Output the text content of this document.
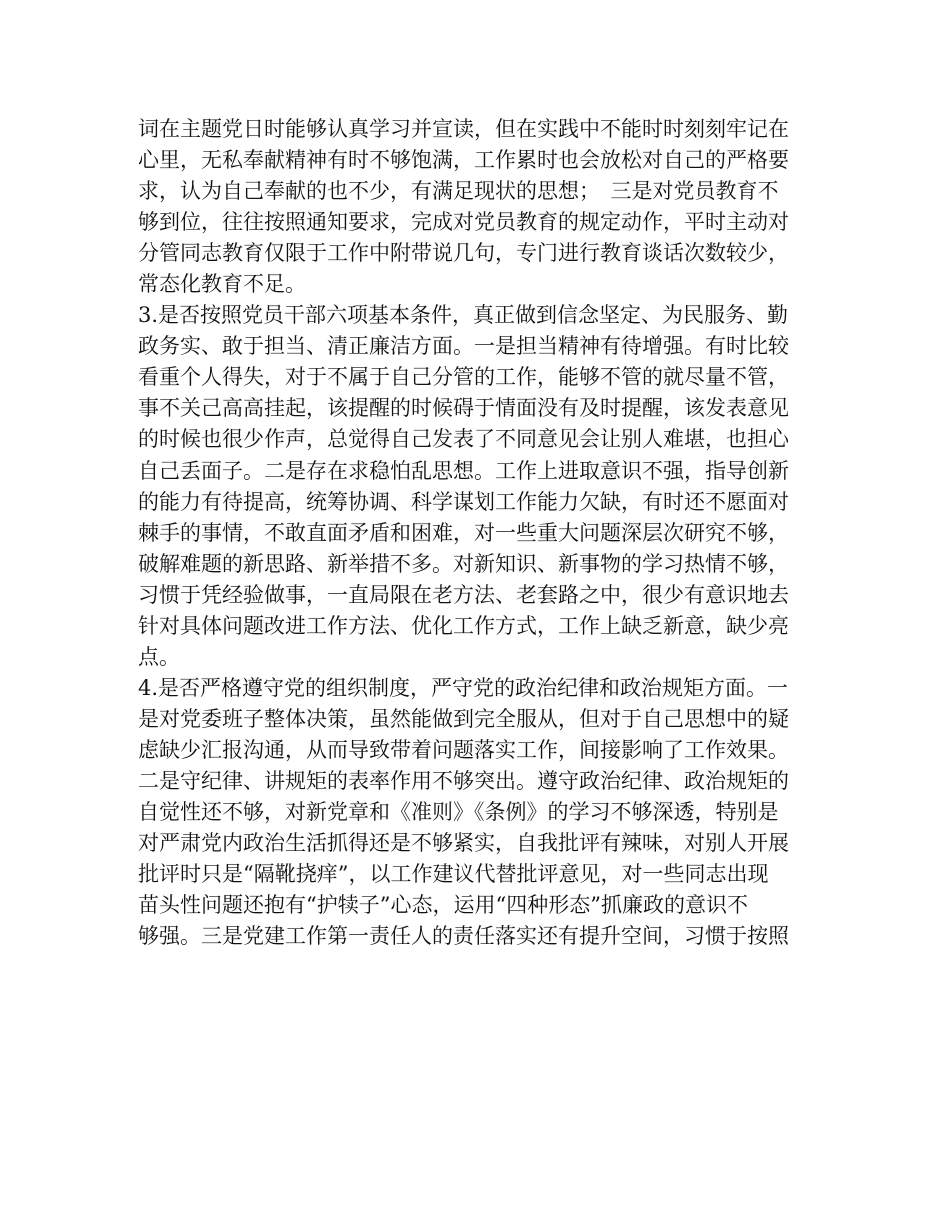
词在主题党日时能够认真学习并宣读，但在实践中不能时时刻刻牢记在
心里，无私奉献精神有时不够饱满，工作累时也会放松对自己的严格要
求，认为自己奉献的也不少，有满足现状的思想；　三是对党员教育不
够到位，往往按照通知要求，完成对党员教育的规定动作，平时主动对
分管同志教育仅限于工作中附带说几句，专门进行教育谈话次数较少，
常态化教育不足。
3.是否按照党员干部六项基本条件，真正做到信念坚定、为民服务、勤
政务实、敢于担当、清正廉洁方面。一是担当精神有待增强。有时比较
看重个人得失，对于不属于自己分管的工作，能够不管的就尽量不管，
事不关己高高挂起，该提醒的时候碍于情面没有及时提醒，该发表意见
的时候也很少作声，总觉得自己发表了不同意见会让别人难堪，也担心
自己丢面子。二是存在求稳怕乱思想。工作上进取意识不强，指导创新
的能力有待提高，统筹协调、科学谋划工作能力欠缺，有时还不愿面对
棘手的事情，不敢直面矛盾和困难，对一些重大问题深层次研究不够，
破解难题的新思路、新举措不多。对新知识、新事物的学习热情不够，
习惯于凭经验做事，一直局限在老方法、老套路之中，很少有意识地去
针对具体问题改进工作方法、优化工作方式，工作上缺乏新意，缺少亮
点。
4.是否严格遵守党的组织制度，严守党的政治纪律和政治规矩方面。一
是对党委班子整体决策，虽然能做到完全服从，但对于自己思想中的疑
虑缺少汇报沟通，从而导致带着问题落实工作，间接影响了工作效果。
二是守纪律、讲规矩的表率作用不够突出。遵守政治纪律、政治规矩的
自觉性还不够，对新党章和《准则》《条例》的学习不够深透，特别是
对严肃党内政治生活抓得还是不够紧实，自我批评有辣味，对别人开展
批评时只是“隔靴挠痒”，以工作建议代替批评意见，对一些同志出现
苗头性问题还抱有“护犊子”心态，运用“四种形态”抓廉政的意识不
够强。三是党建工作第一责任人的责任落实还有提升空间，习惯于按照
